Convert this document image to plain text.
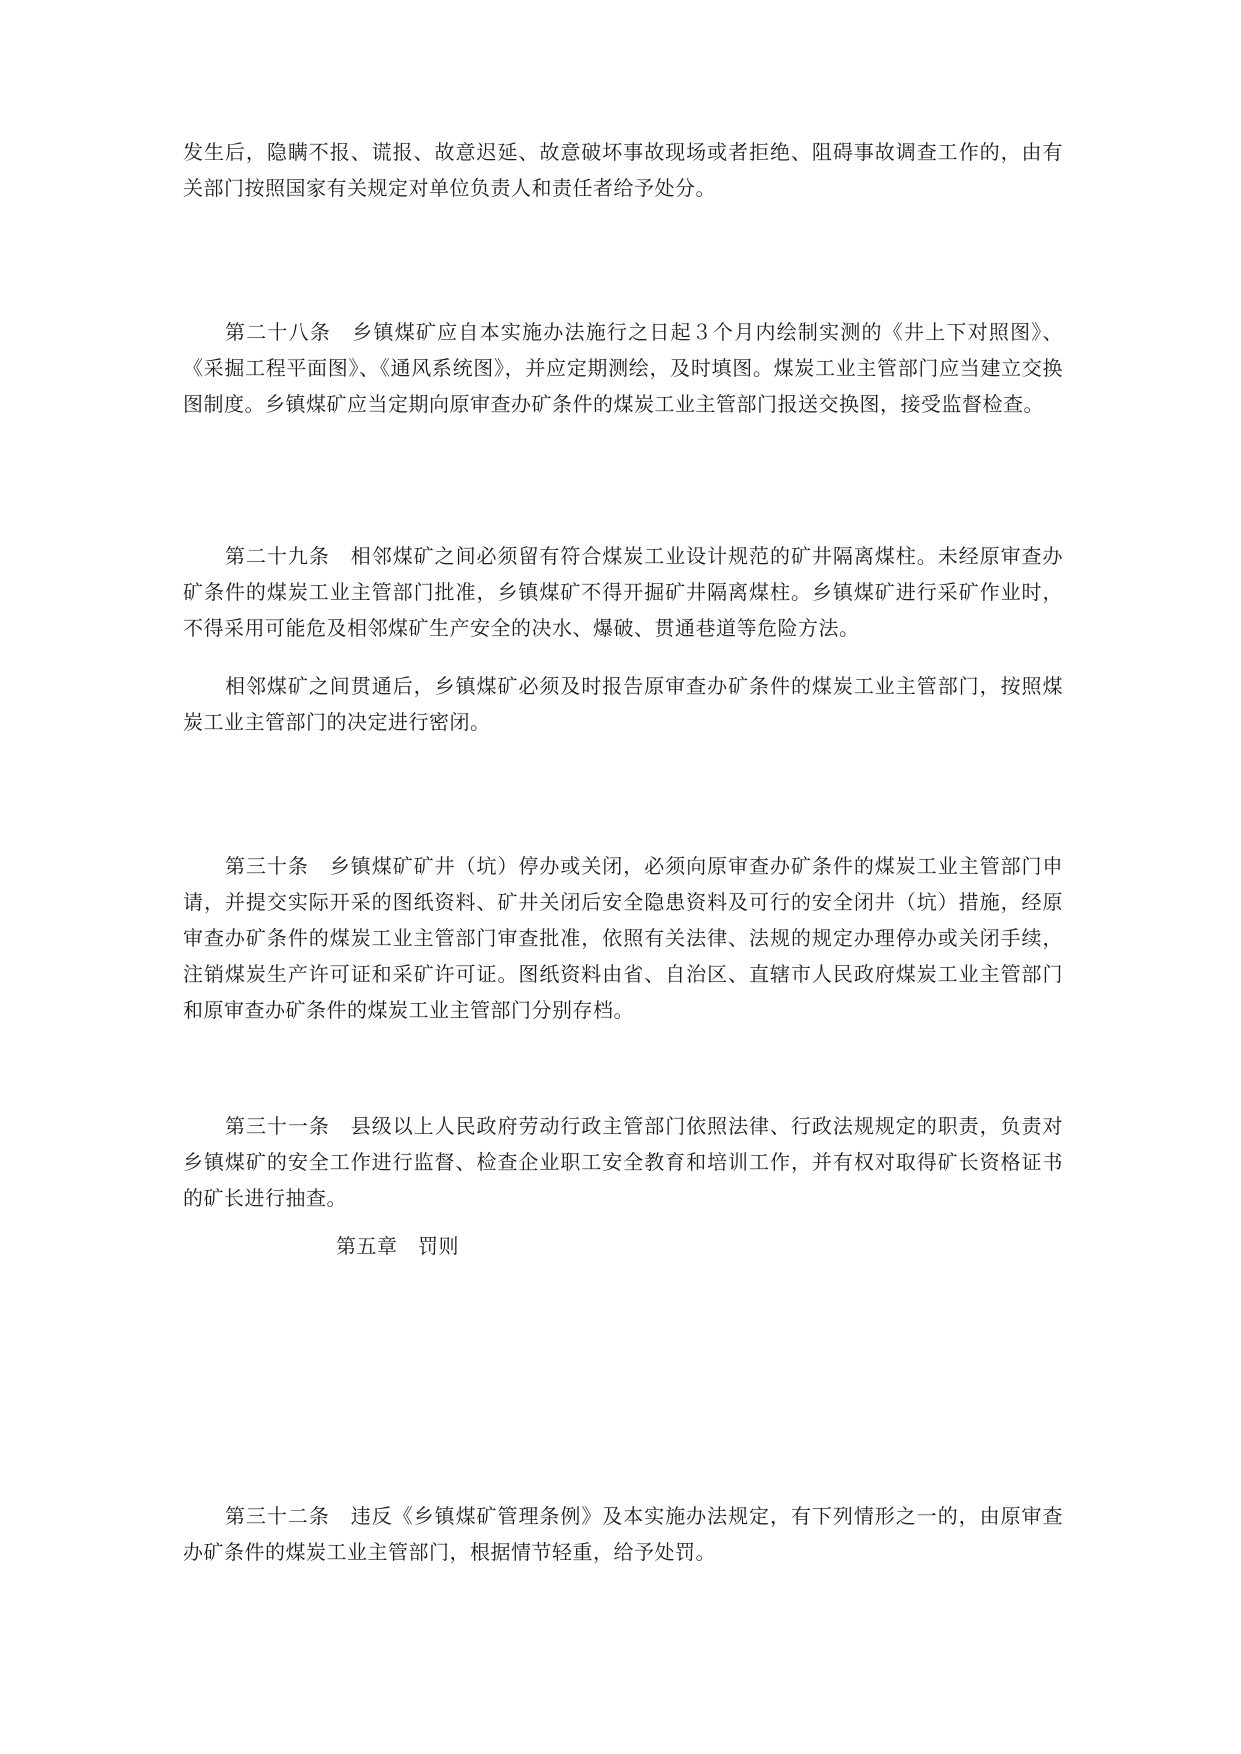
发生后，隐瞒不报、谎报、故意迟延、故意破坏事故现场或者拒绝、阻碍事故调查工作的，由有关部门按照国家有关规定对单位负责人和责任者给予处分。

第二十八条　乡镇煤矿应自本实施办法施行之日起３个月内绘制实测的《井上下对照图》、《采掘工程平面图》、《通风系统图》，并应定期测绘，及时填图。煤炭工业主管部门应当建立交换图制度。乡镇煤矿应当定期向原审查办矿条件的煤炭工业主管部门报送交换图，接受监督检查。

第二十九条　相邻煤矿之间必须留有符合煤炭工业设计规范的矿井隔离煤柱。未经原审查办矿条件的煤炭工业主管部门批准，乡镇煤矿不得开掘矿井隔离煤柱。乡镇煤矿进行采矿作业时，不得采用可能危及相邻煤矿生产安全的决水、爆破、贯通巷道等危险方法。

相邻煤矿之间贯通后，乡镇煤矿必须及时报告原审查办矿条件的煤炭工业主管部门，按照煤炭工业主管部门的决定进行密闭。

第三十条　乡镇煤矿矿井（坑）停办或关闭，必须向原审查办矿条件的煤炭工业主管部门申请，并提交实际开采的图纸资料、矿井关闭后安全隐患资料及可行的安全闭井（坑）措施，经原审查办矿条件的煤炭工业主管部门审查批准，依照有关法律、法规的规定办理停办或关闭手续，注销煤炭生产许可证和采矿许可证。图纸资料由省、自治区、直辖市人民政府煤炭工业主管部门和原审查办矿条件的煤炭工业主管部门分别存档。

第三十一条　县级以上人民政府劳动行政主管部门依照法律、行政法规规定的职责，负责对乡镇煤矿的安全工作进行监督、检查企业职工安全教育和培训工作，并有权对取得矿长资格证书的矿长进行抽查。

第五章　罚则

第三十二条　违反《乡镇煤矿管理条例》及本实施办法规定，有下列情形之一的，由原审查办矿条件的煤炭工业主管部门，根据情节轻重，给予处罚。
